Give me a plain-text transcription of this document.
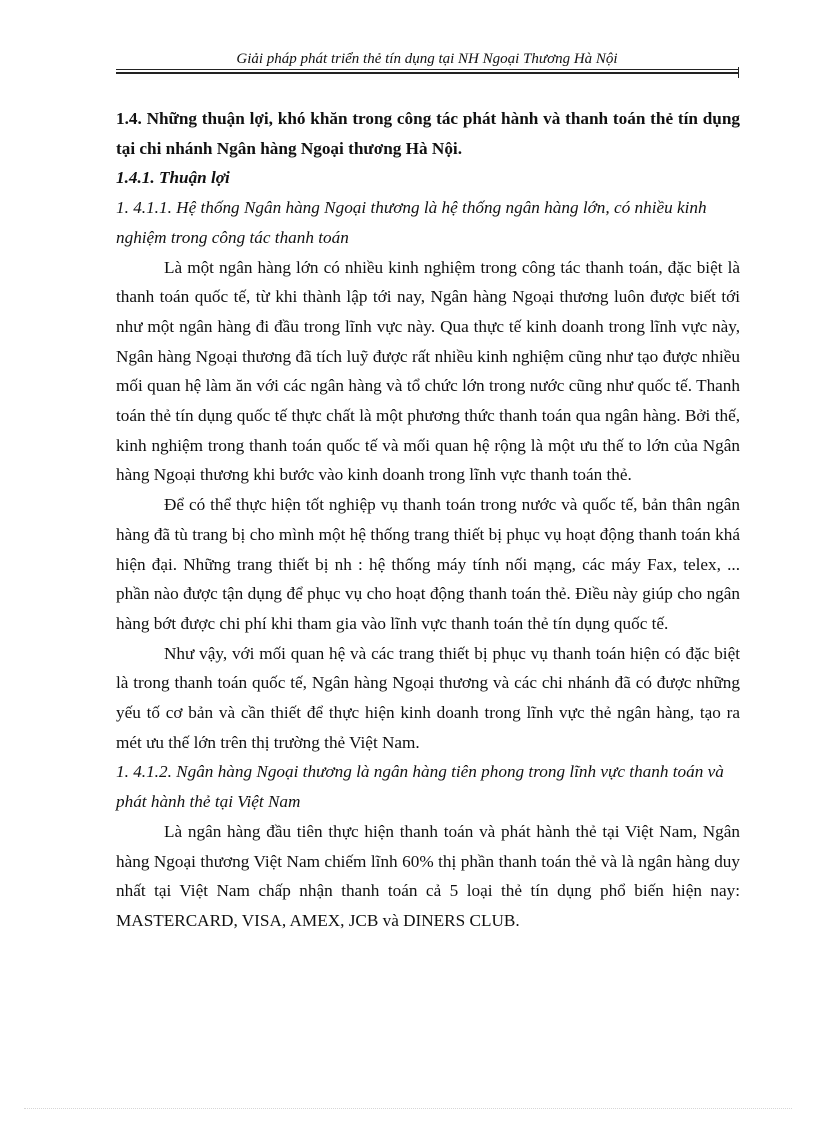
Giải pháp phát triển thẻ tín dụng tại NH Ngoại Thương Hà Nội

1.4. Những thuận lợi, khó khăn trong công tác phát hành và thanh toán thẻ tín dụng tại chi nhánh Ngân hàng Ngoại thương Hà Nội.

1.4.1. Thuận lợi

1. 4.1.1. Hệ thống Ngân hàng Ngoại thương là hệ thống ngân hàng lớn, có nhiều kinh nghiệm trong công tác thanh toán

Là một ngân hàng lớn có nhiều kinh nghiệm trong công tác thanh toán, đặc biệt là thanh toán quốc tế, từ khi thành lập tới nay, Ngân hàng Ngoại thương luôn được biết tới như một ngân hàng đi đầu trong lĩnh vực này. Qua thực tế kinh doanh trong lĩnh vực này, Ngân hàng Ngoại thương đã tích luỹ được rất nhiều kinh nghiệm cũng như tạo được nhiều mối quan hệ làm ăn với các ngân hàng và tổ chức lớn trong nước cũng như quốc tế. Thanh toán thẻ tín dụng quốc tế thực chất là một phương thức thanh toán qua ngân hàng. Bởi thế, kinh nghiệm trong thanh toán quốc tế và mối quan hệ rộng là một ưu thế to lớn của Ngân hàng Ngoại thương khi bước vào kinh doanh trong lĩnh vực thanh toán thẻ.

Để có thể thực hiện tốt nghiệp vụ thanh toán trong nước và quốc tế, bản thân ngân hàng đã tù trang bị cho mình một hệ thống trang thiết bị phục vụ hoạt động thanh toán khá hiện đại. Những trang thiết bị nh : hệ thống máy tính nối mạng, các máy Fax, telex, ... phần nào được tận dụng để phục vụ cho hoạt động thanh toán thẻ. Điều này giúp cho ngân hàng bớt được chi phí khi tham gia vào lĩnh vực thanh toán thẻ tín dụng quốc tế.

Như vậy, với mối quan hệ và các trang thiết bị phục vụ thanh toán hiện có đặc biệt là trong thanh toán quốc tế, Ngân hàng Ngoại thương và các chi nhánh đã có được những yếu tố cơ bản và cần thiết để thực hiện kinh doanh trong lĩnh vực thẻ ngân hàng, tạo ra mét ưu thế lớn trên thị trường thẻ Việt Nam.

1. 4.1.2. Ngân hàng Ngoại thương là ngân hàng tiên phong trong lĩnh vực thanh toán và phát hành thẻ tại Việt Nam

Là ngân hàng đầu tiên thực hiện thanh toán và phát hành thẻ tại Việt Nam, Ngân hàng Ngoại thương Việt Nam chiếm lĩnh 60% thị phần thanh toán thẻ và là ngân hàng duy nhất tại Việt Nam chấp nhận thanh toán cả 5 loại thẻ tín dụng phổ biến hiện nay: MASTERCARD, VISA, AMEX, JCB và DINERS CLUB.
